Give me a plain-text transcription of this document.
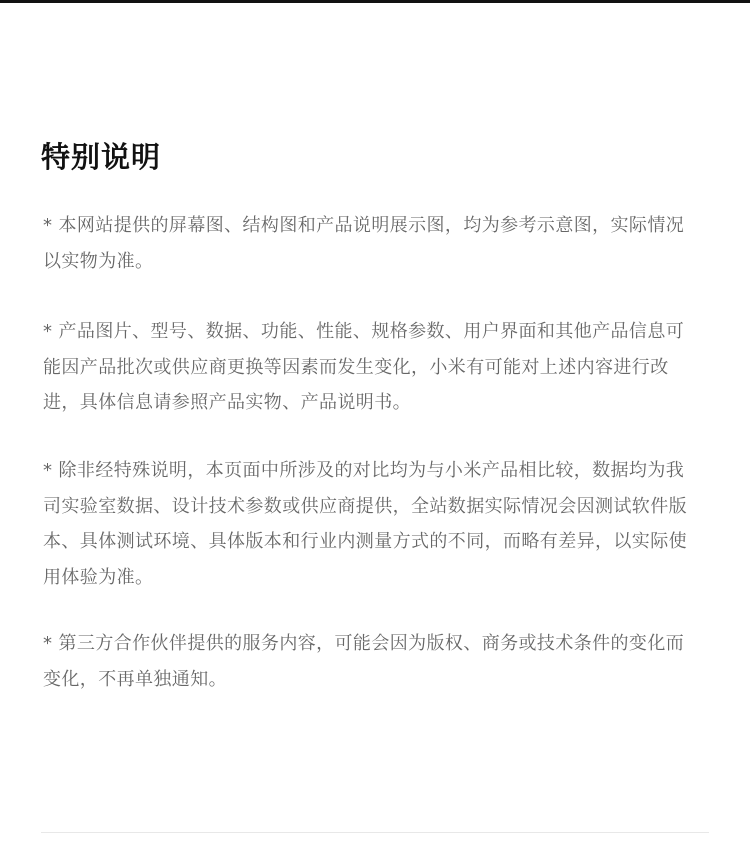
特别说明

* 本网站提供的屏幕图、结构图和产品说明展示图，均为参考示意图，实际情况以实物为准。

* 产品图片、型号、数据、功能、性能、规格参数、用户界面和其他产品信息可能因产品批次或供应商更换等因素而发生变化，小米有可能对上述内容进行改进，具体信息请参照产品实物、产品说明书。

* 除非经特殊说明，本页面中所涉及的对比均为与小米产品相比较，数据均为我司实验室数据、设计技术参数或供应商提供，全站数据实际情况会因测试软件版本、具体测试环境、具体版本和行业内测量方式的不同，而略有差异，以实际使用体验为准。

* 第三方合作伙伴提供的服务内容，可能会因为版权、商务或技术条件的变化而变化，不再单独通知。
